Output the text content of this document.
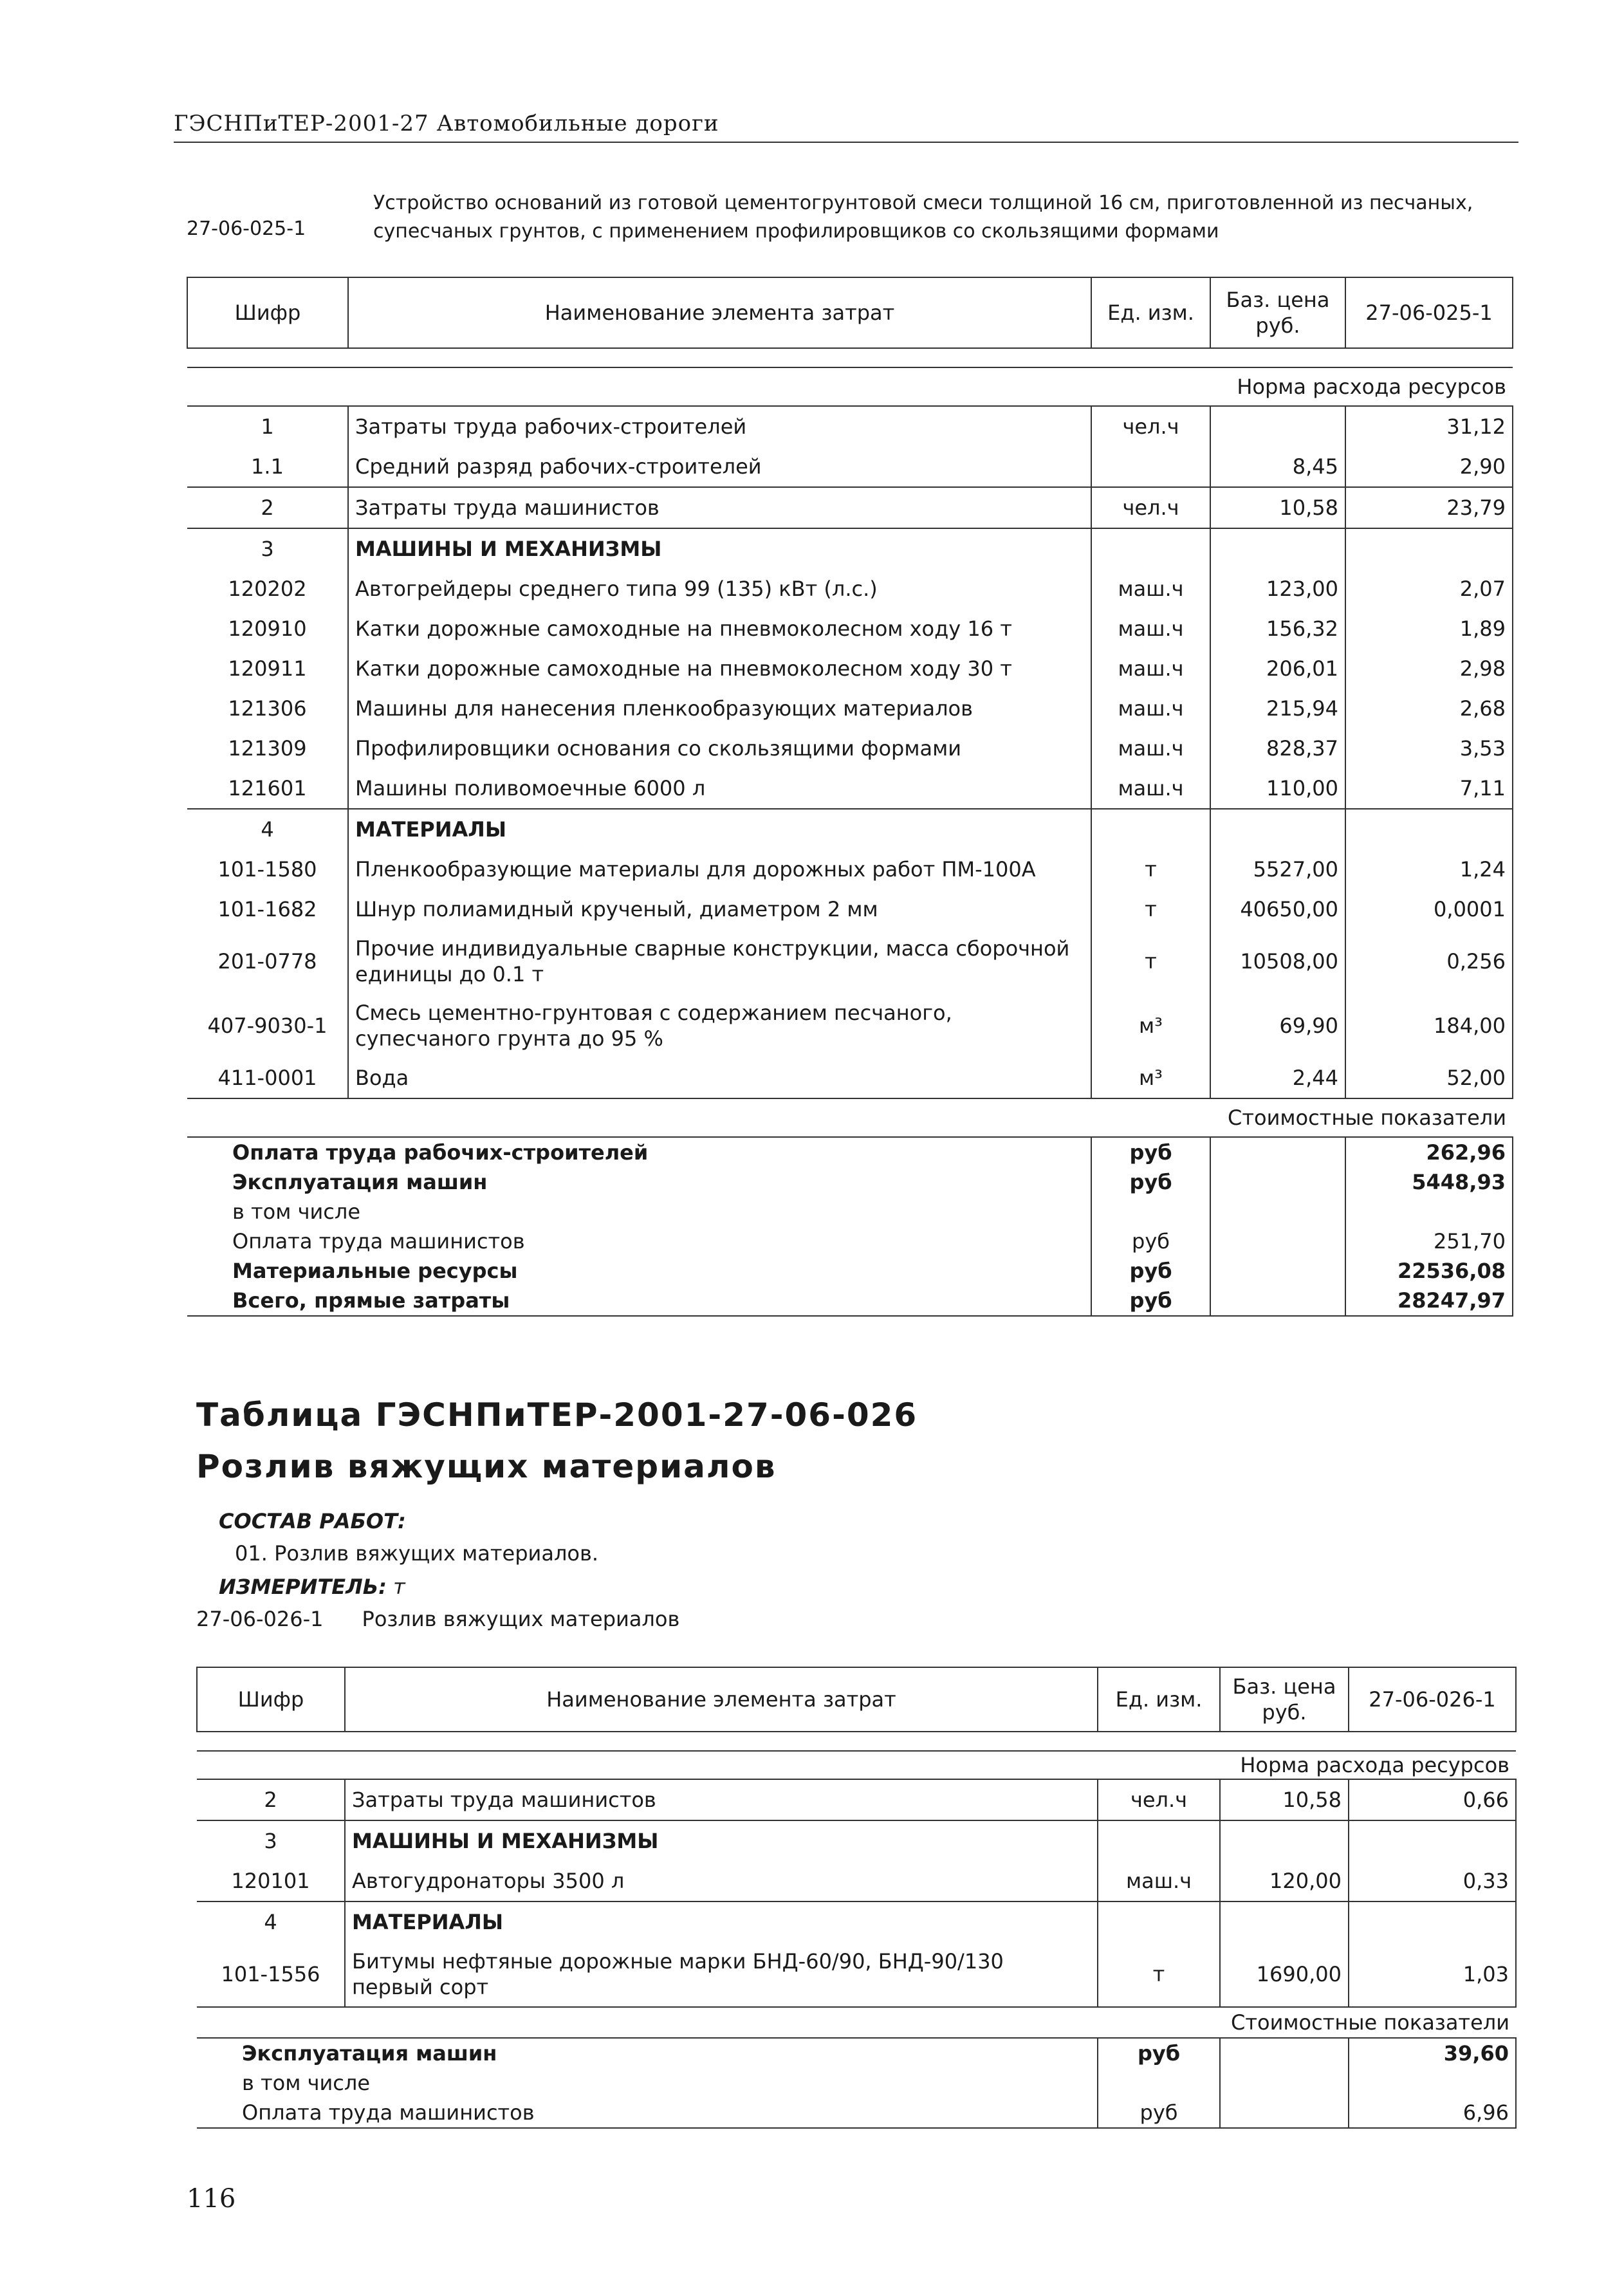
ГЭСНПиТЕР-2001-27 Автомобильные дороги
27-06-025-1
Устройство оснований из готовой цементогрунтовой смеси толщиной 16 см, приготовленной из песчаных, супесчаных грунтов, с применением профилировщиков со скользящими формами
Шифр	Наименование элемента затрат	Ед. изм.	Баз. цена руб.	27-06-025-1

Норма расхода ресурсов				
1	Затраты труда рабочих-строителей	чел.ч		31,12
1.1	Средний разряд рабочих-строителей		8,45	2,90
2	Затраты труда машинистов	чел.ч	10,58	23,79
3	МАШИНЫ И МЕХАНИЗМЫ			
120202	Автогрейдеры среднего типа 99 (135) кВт (л.с.)	маш.ч	123,00	2,07
120910	Катки дорожные самоходные на пневмоколесном ходу 16 т	маш.ч	156,32	1,89
120911	Катки дорожные самоходные на пневмоколесном ходу 30 т	маш.ч	206,01	2,98
121306	Машины для нанесения пленкообразующих материалов	маш.ч	215,94	2,68
121309	Профилировщики основания со скользящими формами	маш.ч	828,37	3,53
121601	Машины поливомоечные 6000 л	маш.ч	110,00	7,11
4	МАТЕРИАЛЫ			
101-1580	Пленкообразующие материалы для дорожных работ ПМ-100А	т	5527,00	1,24
101-1682	Шнур полиамидный крученый, диаметром 2 мм	т	40650,00	0,0001
201-0778	Прочие индивидуальные сварные конструкции, масса сборочной единицы до 0.1 т	т	10508,00	0,256
407-9030-1	Смесь цементно-грунтовая с содержанием песчаного, супесчаного грунта до 95 %	м³	69,90	184,00
411-0001	Вода	м³	2,44	52,00
Стоимостные показатели				
Оплата труда рабочих-строителей		руб		262,96
Эксплуатация машин		руб		5448,93
в том числе				
Оплата труда машинистов		руб		251,70
Материальные ресурсы		руб		22536,08
Всего, прямые затраты		руб		28247,97
Таблица ГЭСНПиТЕР-2001-27-06-026
Розлив вяжущих материалов
СОСТАВ РАБОТ:
01. Розлив вяжущих материалов.
ИЗМЕРИТЕЛЬ: т
27-06-026-1 Розлив вяжущих материалов
Шифр	Наименование элемента затрат	Ед. изм.	Баз. цена руб.	27-06-026-1

Норма расхода ресурсов				
2	Затраты труда машинистов	чел.ч	10,58	0,66
3	МАШИНЫ И МЕХАНИЗМЫ			
120101	Автогудронаторы 3500 л	маш.ч	120,00	0,33
4	МАТЕРИАЛЫ			
101-1556	Битумы нефтяные дорожные марки БНД-60/90, БНД-90/130 первый сорт	т	1690,00	1,03
Стоимостные показатели				
Эксплуатация машин		руб		39,60
в том числе				
Оплата труда машинистов		руб		6,96
116
